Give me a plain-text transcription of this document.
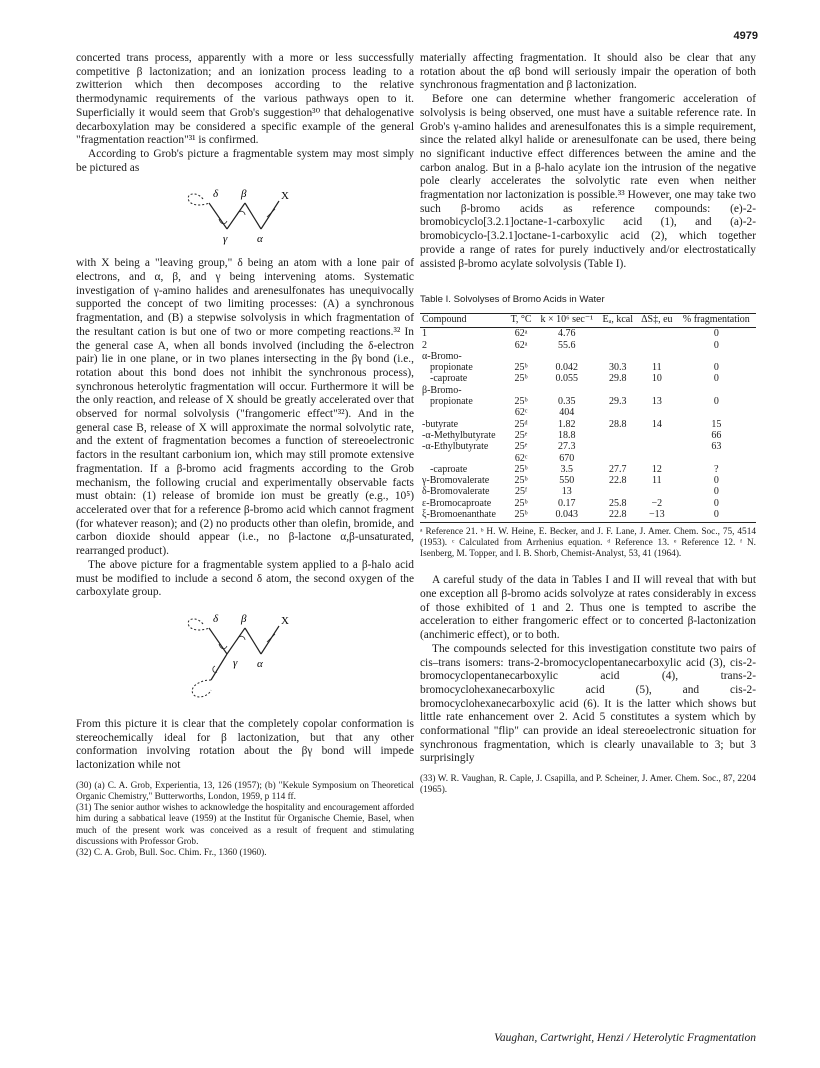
4979

concerted trans process, apparently with a more or less successfully competitive β lactonization; and an ionization process leading to a zwitterion which then decomposes according to the relative thermodynamic requirements of the various pathways open to it. Superficially it would seem that Grob's suggestion³⁰ that dehalogenative decarboxylation may be considered a specific example of the general "fragmentation reaction"³¹ is confirmed.

According to Grob's picture a fragmentable system may most simply be pictured as

δ β	X
γ	α

with X being a "leaving group," δ being an atom with a lone pair of electrons, and α, β, and γ being intervening atoms. Systematic investigation of γ-amino halides and arenesulfonates has unequivocally supported the concept of two limiting processes: (A) a synchronous fragmentation, and (B) a stepwise solvolysis in which fragmentation of the resultant cation is but one of two or more competing reactions.³² In the general case A, when all bonds involved (including the δ-electron pair) lie in one plane, or in two planes intersecting in the βγ bond (i.e., rotation about this bond does not inhibit the synchronous process), synchronous heterolytic fragmentation will occur. Furthermore it will be the only reaction, and release of X should be greatly accelerated over that observed for normal solvolysis ("frangomeric effect"³²). And in the general case B, release of X will approximate the normal solvolytic rate, and the extent of fragmentation becomes a function of stereoelectronic factors in the resultant carbonium ion, which may still promote extensive fragmentation. If a β-bromo acid fragments according to the Grob mechanism, the following crucial and experimentally observable facts must obtain: (1) release of bromide ion must be greatly (e.g., 10⁵) accelerated over that for a reference β-bromo acid which cannot fragment (for whatever reason); and (2) no products other than olefin, bromide, and carbon dioxide should appear (i.e., no β-lactone α,β-unsaturated, rearranged product).

The above picture for a fragmentable system applied to a β-halo acid must be modified to include a second δ atom, the second oxygen of the carboxylate group.

δ β	X
γ α

From this picture it is clear that the completely copolar conformation is stereochemically ideal for β lactonization, but that any other conformation involving rotation about the βγ bond will impede lactonization while not

(30) (a) C. A. Grob, Experientia, 13, 126 (1957); (b) "Kekule Symposium on Theoretical Organic Chemistry," Butterworths, London, 1959, p 114 ff.

(31) The senior author wishes to acknowledge the hospitality and encouragement afforded him during a sabbatical leave (1959) at the Institut für Organische Chemie, Basel, when much of the present work was conceived as a result of frequent and stimulating discussions with Professor Grob.

(32) C. A. Grob, Bull. Soc. Chim. Fr., 1360 (1960).

materially affecting fragmentation. It should also be clear that any rotation about the αβ bond will seriously impair the operation of both synchronous fragmentation and β lactonization.

Before one can determine whether frangomeric acceleration of solvolysis is being observed, one must have a suitable reference rate. In Grob's γ-amino halides and arenesulfonates this is a simple requirement, since the related alkyl halide or arenesulfonate can be used, there being no significant inductive effect differences between the amine and the carbon analog. But in a β-halo acylate ion the intrusion of the negative pole clearly accelerates the solvolytic rate even when neither fragmentation nor lactonization is possible.³³ However, one may take two such β-bromo acids as reference compounds: (e)-2-bromobicyclo[3.2.1]octane-1-carboxylic acid (1), and (a)-2-bromobicyclo-[3.2.1]octane-1-carboxylic acid (2), which together provide a range of rates for purely inductively and/or electrostatically assisted β-bromo acylate solvolysis (Table I).

Table I. Solvolyses of Bromo Acids in Water
Compound	T, °C	k × 10⁶ sec⁻¹	Eₐ, kcal	ΔS‡, eu	% fragmentation
1	62ᵃ	4.76			0
2	62ᵃ	55.6			0
α-Bromo-					
propionate	25ᵇ	0.042	30.3	11	0
-caproate	25ᵇ	0.055	29.8	10	0
β-Bromo-					
propionate	25ᵇ	0.35	29.3	13	0
	62ᶜ	404			
-butyrate	25ᵈ	1.82	28.8	14	15
-α-Methylbutyrate	25ᵉ	18.8			66
-α-Ethylbutyrate	25ᵉ	27.3			63
	62ᶜ	670			
-caproate	25ᵇ	3.5	27.7	12	?
γ-Bromovalerate	25ᵇ	550	22.8	11	0
δ-Bromovalerate	25ᶠ	13			0
ε-Bromocaproate	25ᵇ	0.17	25.8	−2	0
ξ-Bromoenanthate	25ᵇ	0.043	22.8	−13	0
ᵃ Reference 21. ᵇ H. W. Heine, E. Becker, and J. F. Lane, J. Amer. Chem. Soc., 75, 4514 (1953). ᶜ Calculated from Arrhenius equation. ᵈ Reference 13. ᵉ Reference 12. ᶠ N. Isenberg, M. Topper, and I. B. Shorb, Chemist-Analyst, 53, 41 (1964).

A careful study of the data in Tables I and II will reveal that with but one exception all β-bromo acids solvolyze at rates considerably in excess of those exhibited of 1 and 2. Thus one is tempted to ascribe the acceleration to either frangomeric effect or to concerted β-lactonization (anchimeric effect), or to both.

The compounds selected for this investigation constitute two pairs of cis–trans isomers: trans-2-bromocyclopentanecarboxylic acid (3), cis-2-bromocyclopentanecarboxylic acid (4), trans-2-bromocyclohexanecarboxylic acid (5), and cis-2-bromocyclohexanecarboxylic acid (6). It is the latter which shows but little rate enhancement over 2. Acid 5 constitutes a system which by conformational "flip" can provide an ideal stereoelectronic situation for synchronous fragmentation, which is clearly unavailable to 3; but 3 surprisingly

(33) W. R. Vaughan, R. Caple, J. Csapilla, and P. Scheiner, J. Amer. Chem. Soc., 87, 2204 (1965).

Vaughan, Cartwright, Henzi / Heterolytic Fragmentation
